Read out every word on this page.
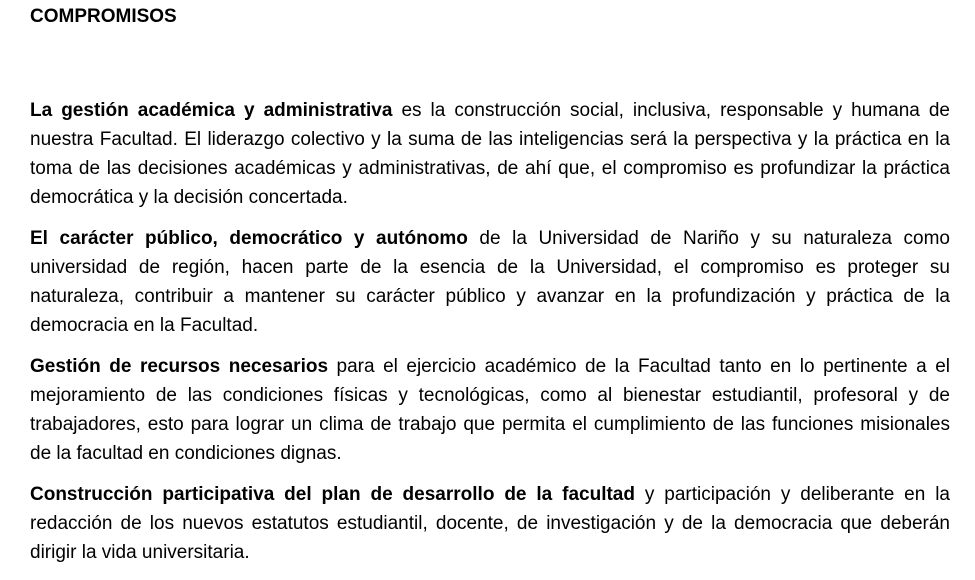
COMPROMISOS

La gestión académica y administrativa es la construcción social, inclusiva, responsable y humana de nuestra Facultad. El liderazgo colectivo y la suma de las inteligencias será la perspectiva y la práctica en la toma de las decisiones académicas y administrativas, de ahí que, el compromiso es profundizar la práctica democrática y la decisión concertada.

El carácter público, democrático y autónomo de la Universidad de Nariño y su naturaleza como universidad de región, hacen parte de la esencia de la Universidad, el compromiso es proteger su naturaleza, contribuir a mantener su carácter público y avanzar en la profundización y práctica de la democracia en la Facultad.

Gestión de recursos necesarios para el ejercicio académico de la Facultad tanto en lo pertinente a el mejoramiento de las condiciones físicas y tecnológicas, como al bienestar estudiantil, profesoral y de trabajadores, esto para lograr un clima de trabajo que permita el cumplimiento de las funciones misionales de la facultad en condiciones dignas.

Construcción participativa del plan de desarrollo de la facultad y participación y deliberante en la redacción de los nuevos estatutos estudiantil, docente, de investigación y de la democracia que deberán dirigir la vida universitaria.
